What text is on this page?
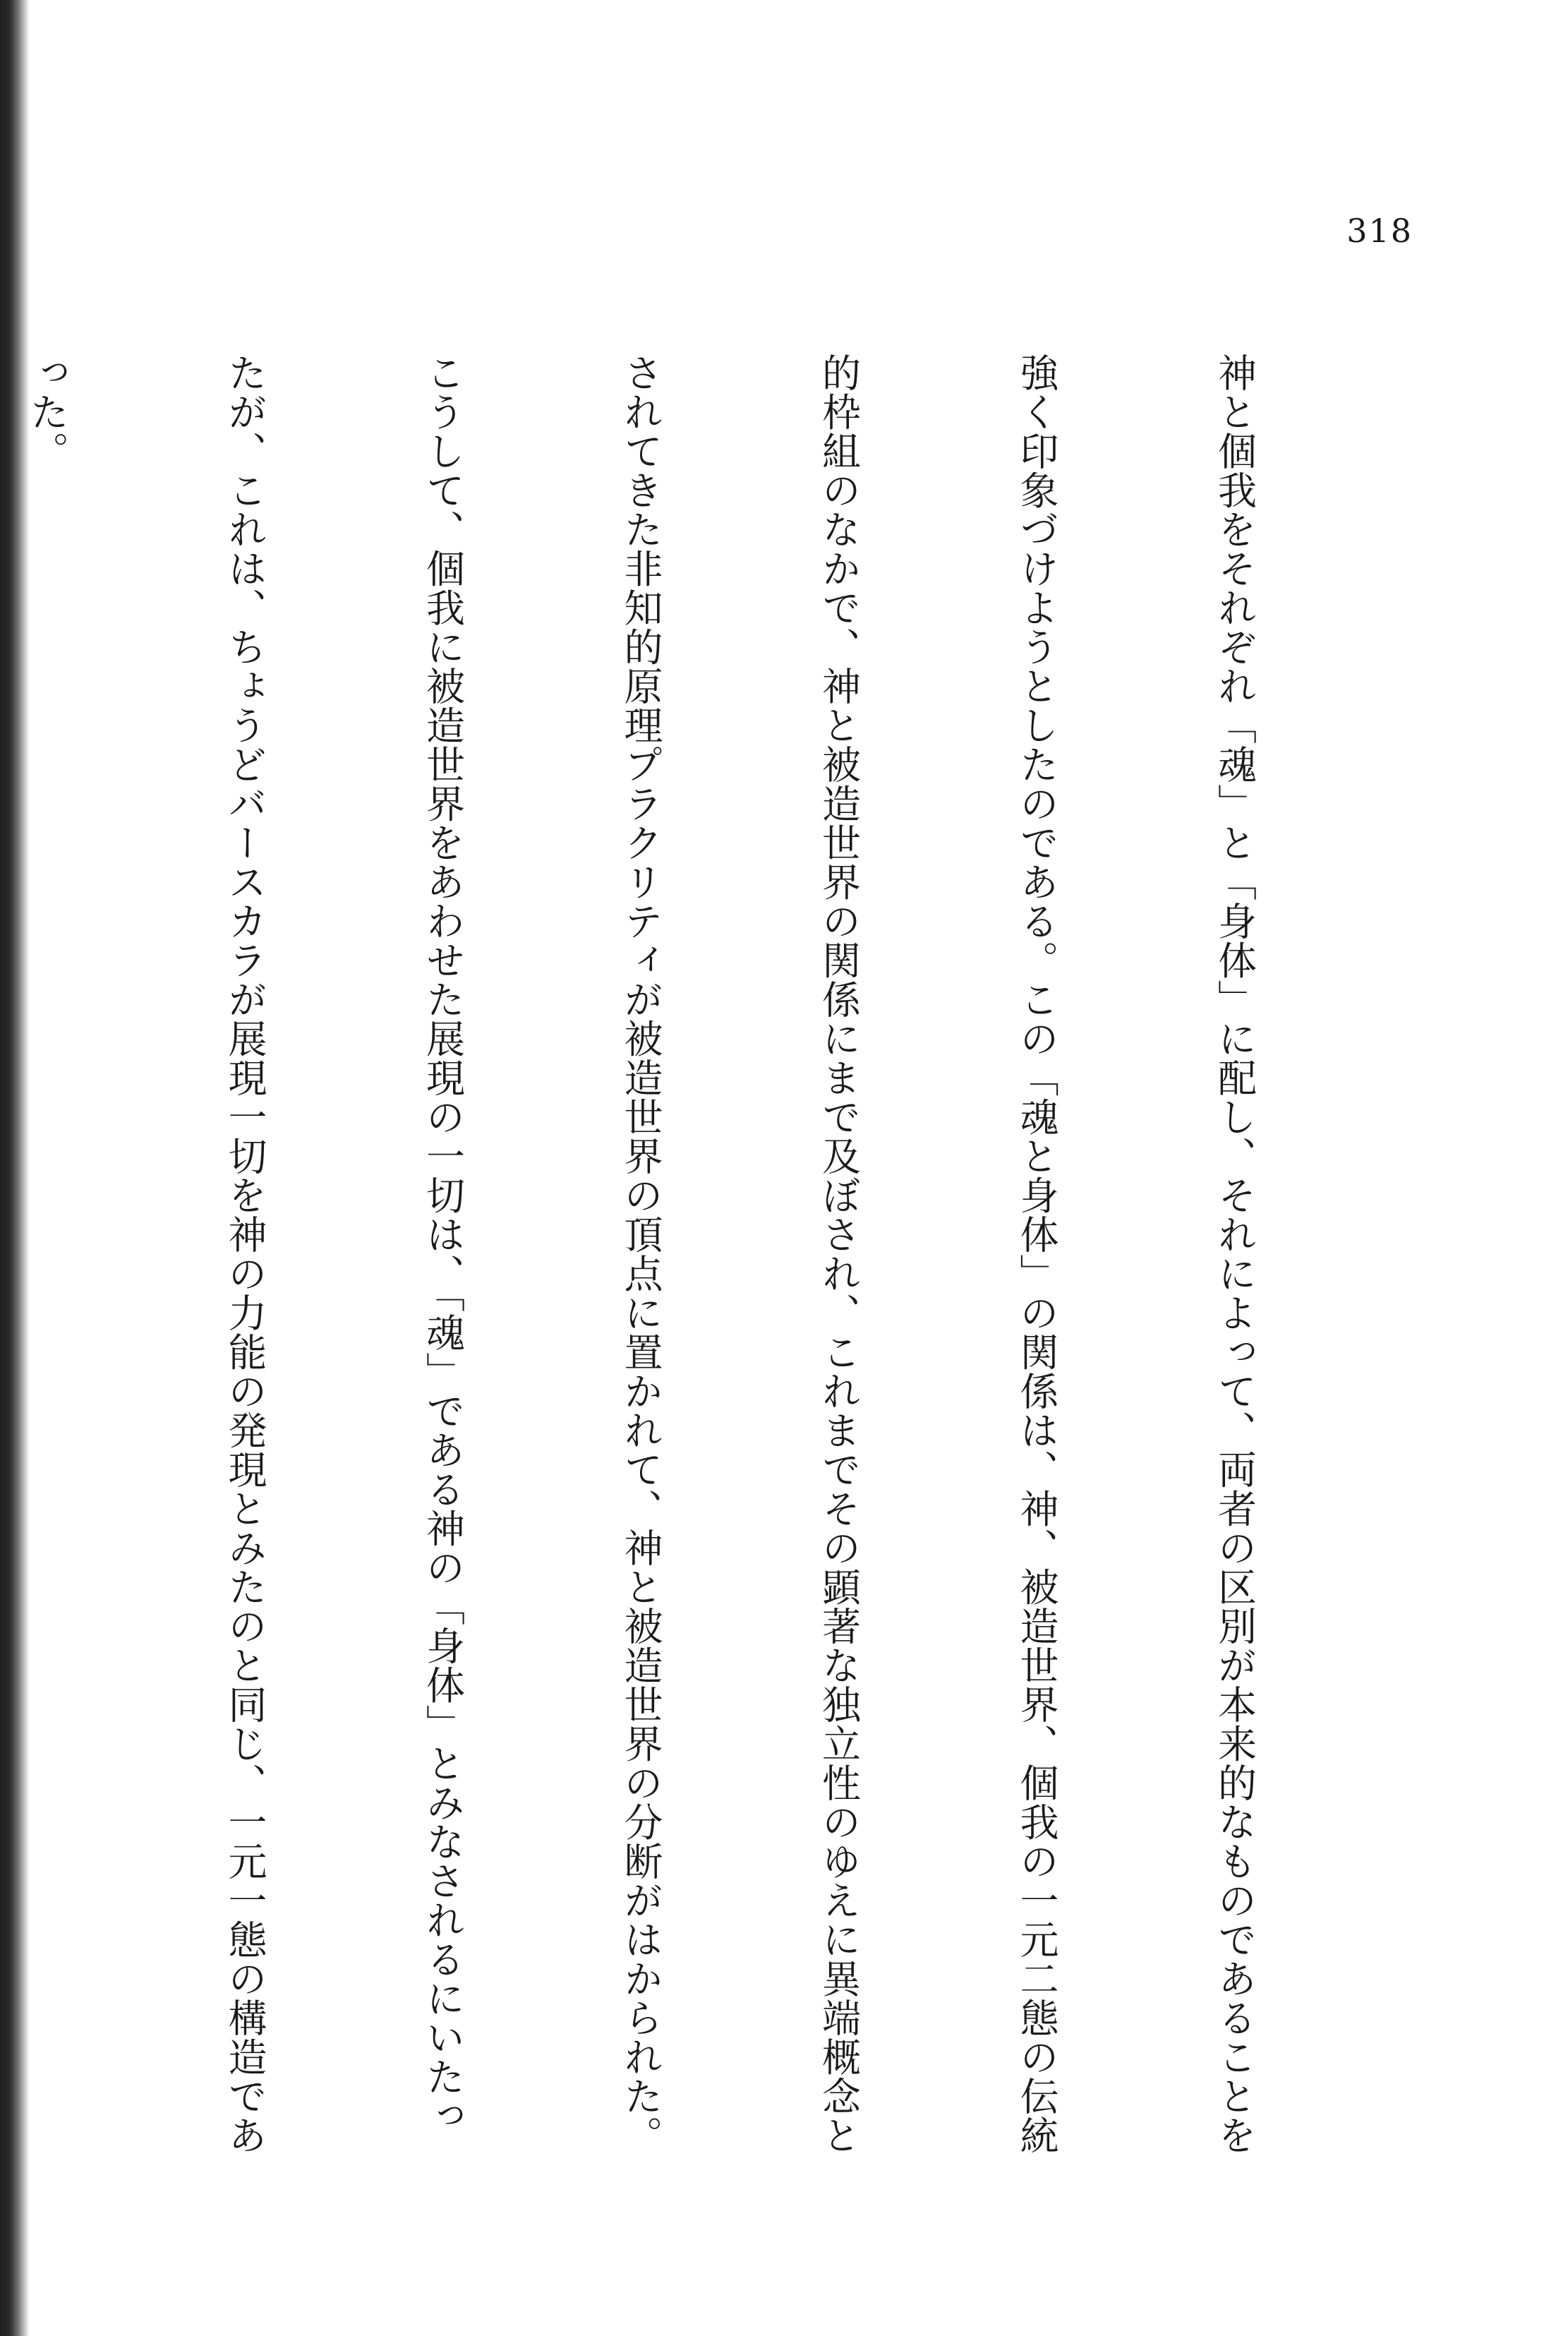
318

神と個我をそれぞれ「魂」と「身体」に配し、それによって、両者の区別が本来的なものであることを

強く印象づけようとしたのである。この「魂と身体」の関係は、神、被造世界、個我の一元二態の伝統

的枠組のなかで、神と被造世界の関係にまで及ぼされ、これまでその顕著な独立性のゆえに異端概念と

されてきた非知的原理プラクリティが被造世界の頂点に置かれて、神と被造世界の分断がはかられた。

こうして、個我に被造世界をあわせた展現の一切は、「魂」である神の「身体」とみなされるにいたっ

たが、これは、ちょうどバースカラが展現一切を神の力能の発現とみたのと同じ、一元一態の構造であ

った。
